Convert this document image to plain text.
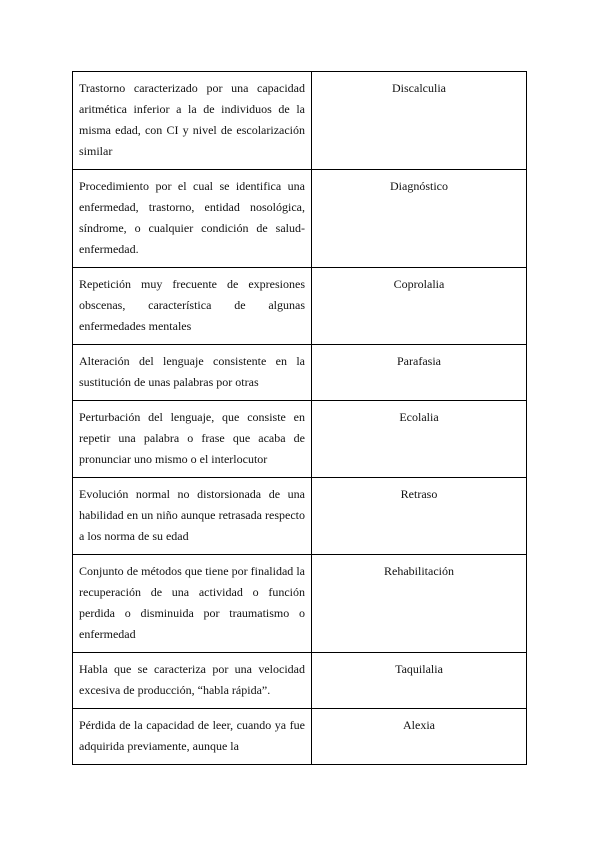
Trastorno caracterizado por una capacidad aritmética inferior a la de individuos de la misma edad, con CI y nivel de escolarización similar	Discalculia
Procedimiento por el cual se identifica una enfermedad, trastorno, entidad nosológica, síndrome, o cualquier condición de salud-enfermedad.	Diagnóstico
Repetición muy frecuente de expresiones obscenas, característica de algunas enfermedades mentales	Coprolalia
Alteración del lenguaje consistente en la sustitución de unas palabras por otras	Parafasia
Perturbación del lenguaje, que consiste en repetir una palabra o frase que acaba de pronunciar uno mismo o el interlocutor	Ecolalia
Evolución normal no distorsionada de una habilidad en un niño aunque retrasada respecto a los norma de su edad	Retraso
Conjunto de métodos que tiene por finalidad la recuperación de una actividad o función perdida o disminuida por traumatismo o enfermedad	Rehabilitación
Habla que se caracteriza por una velocidad excesiva de producción, “habla rápida”.	Taquilalia
Pérdida de la capacidad de leer, cuando ya fue adquirida previamente, aunque la	Alexia
